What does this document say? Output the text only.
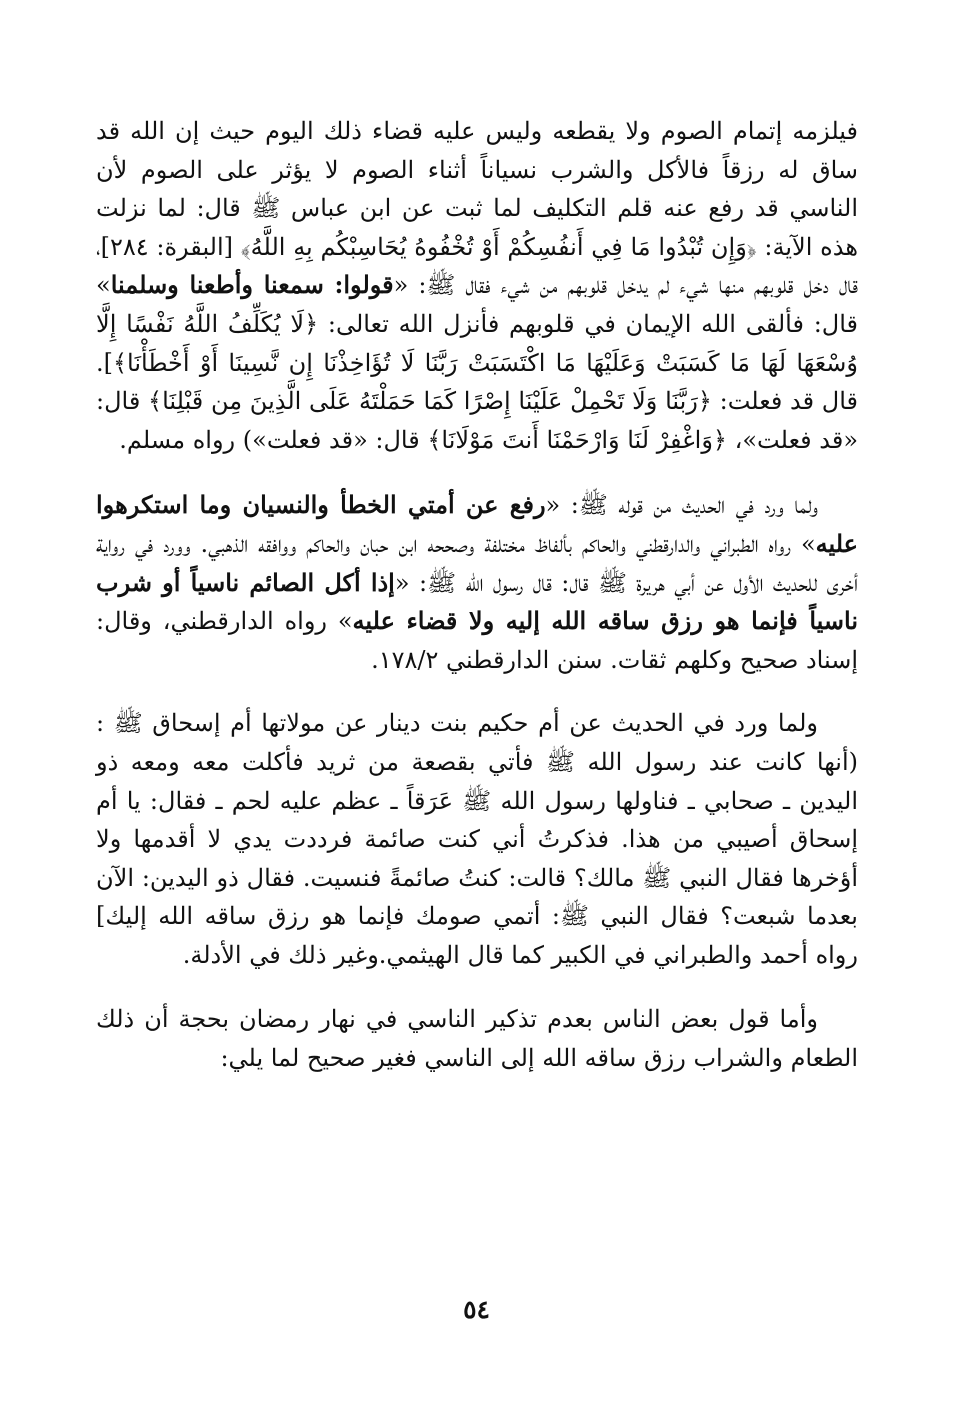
فيلزمه إتمام الصوم ولا يقطعه وليس عليه قضاء ذلك اليوم حيث إن الله قد ساق له رزقاً فالأكل والشرب نسياناً أثناء الصوم لا يؤثر على الصوم لأن الناسي قد رفع عنه قلم التكليف لما ثبت عن ابن عباس ﷺ قال: لما نزلت هذه الآية: ﴿وَإِن تُبْدُوا مَا فِي أَنفُسِكُمْ أَوْ تُخْفُوهُ يُحَاسِبْكُم بِهِ اللَّهُ﴾ [البقرة: ٢٨٤]، قال دخل قلوبهم منها شيء لم يدخل قلوبهم من شيء فقال ﷺ: «قولوا: سمعنا وأطعنا وسلمنا» قال: فألقى الله الإيمان في قلوبهم فأنزل الله تعالى: ﴿لَا يُكَلِّفُ اللَّهُ نَفْسًا إِلَّا وُسْعَهَا لَهَا مَا كَسَبَتْ وَعَلَيْهَا مَا اكْتَسَبَتْ رَبَّنَا لَا تُؤَاخِذْنَا إِن نَّسِينَا أَوْ أَخْطَأْنَا﴾]. قال قد فعلت: ﴿رَبَّنَا وَلَا تَحْمِلْ عَلَيْنَا إِصْرًا كَمَا حَمَلْتَهُ عَلَى الَّذِينَ مِن قَبْلِنَا﴾ قال: «قد فعلت»، ﴿وَاغْفِرْ لَنَا وَارْحَمْنَا أَنتَ مَوْلَانَا﴾ قال: «قد فعلت») رواه مسلم.

ولما ورد في الحديث من قوله ﷺ: «رفع عن أمتي الخطأ والنسيان وما استكرهوا عليه» رواه الطبراني والدارقطني والحاكم بألفاظ مختلفة وصححه ابن حبان والحاكم ووافقه الذهبي. وورد في رواية أخرى للحديث الأول عن أبي هريرة ﷺ قال: قال رسول الله ﷺ: «إذا أكل الصائم ناسياً أو شرب ناسياً فإنما هو رزق ساقه الله إليه ولا قضاء عليه» رواه الدارقطني، وقال: إسناد صحيح وكلهم ثقات. سنن الدارقطني ١٧٨/٢.

ولما ورد في الحديث عن أم حكيم بنت دينار عن مولاتها أم إسحاق ﷺ : (أنها كانت عند رسول الله ﷺ فأتي بقصعة من ثريد فأكلت معه ومعه ذو اليدين ـ صحابي ـ فناولها رسول الله ﷺ عَرَقاً ـ عظم عليه لحم ـ فقال: يا أم إسحاق أصيبي من هذا. فذكرتُ أني كنت صائمة فرددت يدي لا أقدمها ولا أؤخرها فقال النبي ﷺ مالك؟ قالت: كنتُ صائمةً فنسيت. فقال ذو اليدين: الآن بعدما شبعت؟ فقال النبي ﷺ: أتمي صومك فإنما هو رزق ساقه الله إليك] رواه أحمد والطبراني في الكبير كما قال الهيثمي.وغير ذلك في الأدلة.

وأما قول بعض الناس بعدم تذكير الناسي في نهار رمضان بحجة أن ذلك الطعام والشراب رزق ساقه الله إلى الناسي فغير صحيح لما يلي:

٥٤
